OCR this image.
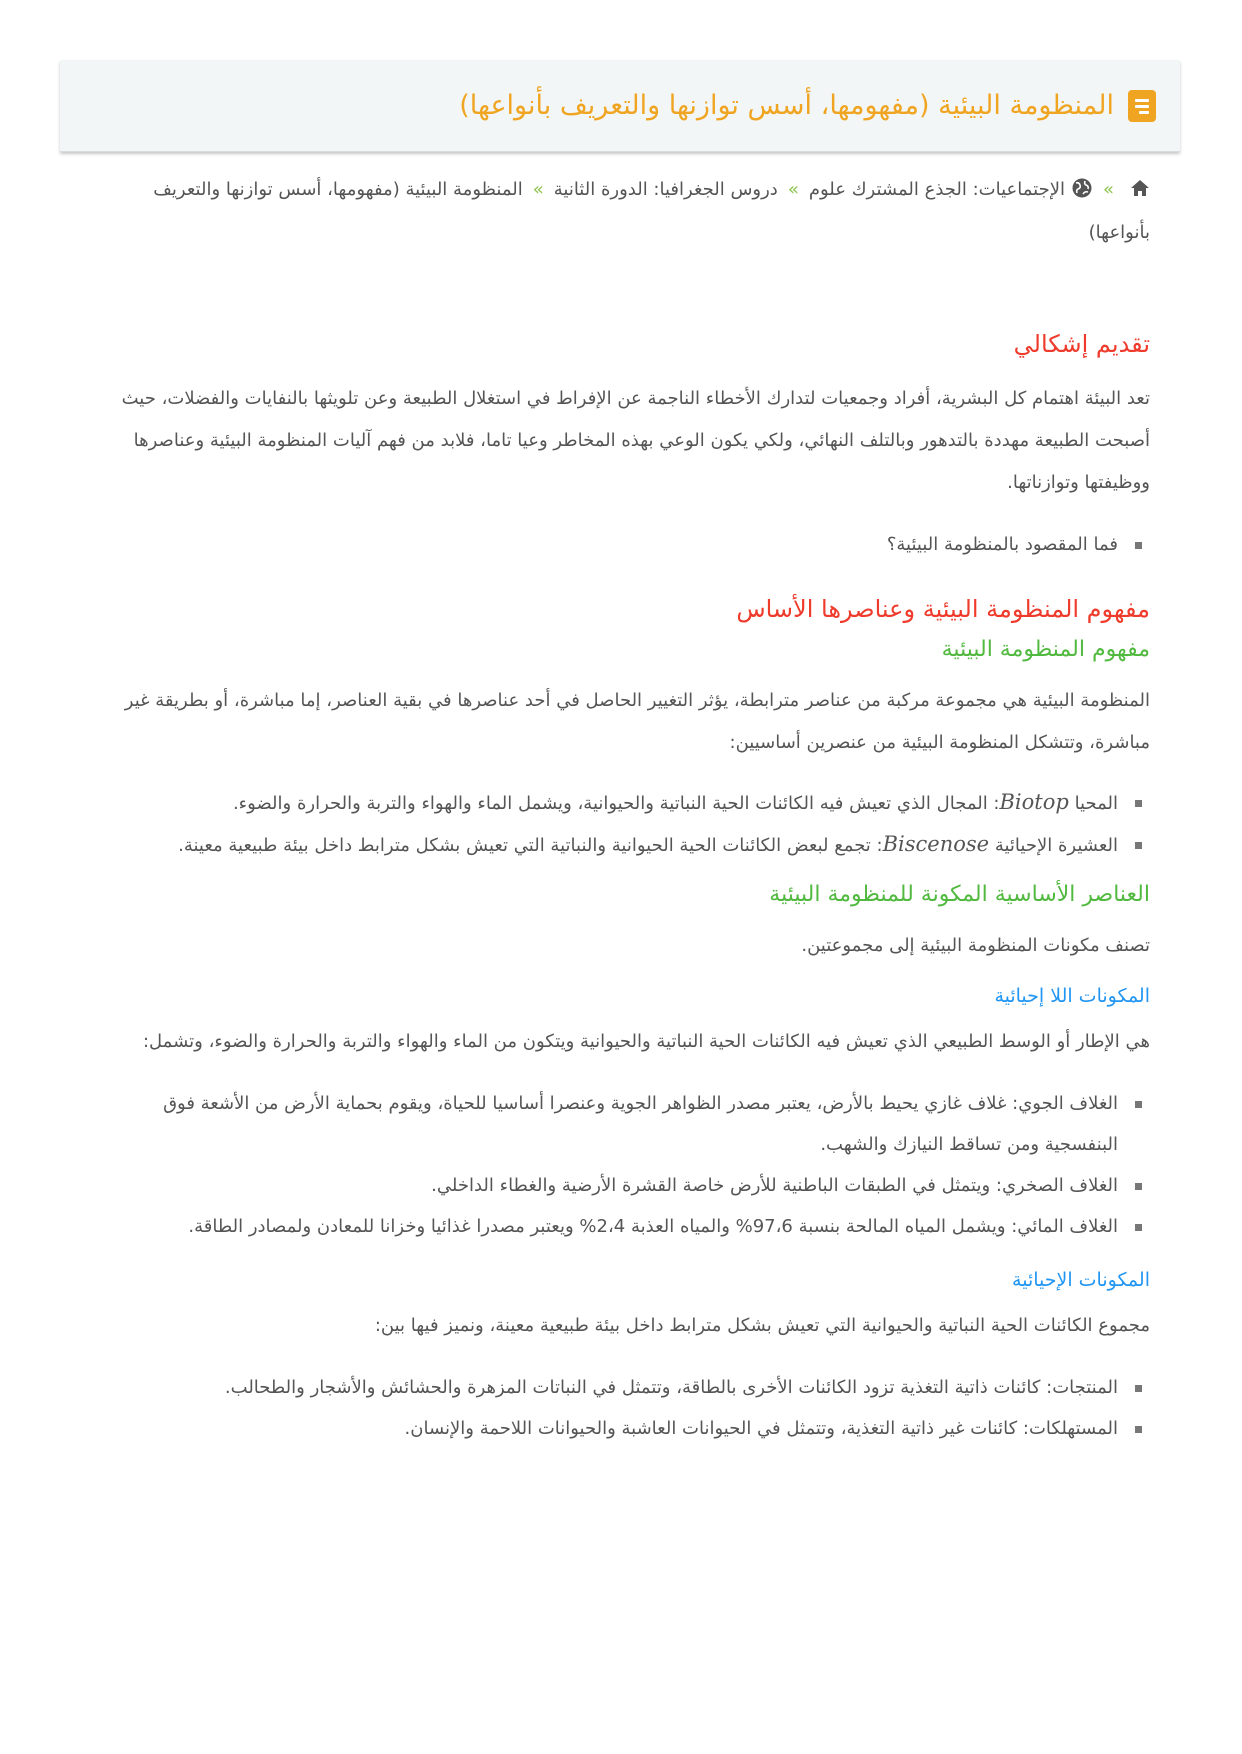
المنظومة البيئية (مفهومها، أسس توازنها والتعريف بأنواعها)
»الإجتماعيات: الجذع المشترك علوم»دروس الجغرافيا: الدورة الثانية»المنظومة البيئية (مفهومها، أسس توازنها والتعريف بأنواعها)
تقديم إشكالي

تعد البيئة اهتمام كل البشرية، أفراد وجمعيات لتدارك الأخطاء الناجمة عن الإفراط في استغلال الطبيعة وعن تلويثها بالنفايات والفضلات، حيث أصبحت الطبيعة مهددة بالتدهور وبالتلف النهائي، ولكي يكون الوعي بهذه المخاطر وعيا تاما، فلابد من فهم آليات المنظومة البيئية وعناصرها ووظيفتها وتوازناتها.

فما المقصود بالمنظومة البيئية؟
مفهوم المنظومة البيئية وعناصرها الأساس
مفهوم المنظومة البيئية

المنظومة البيئية هي مجموعة مركبة من عناصر مترابطة، يؤثر التغيير الحاصل في أحد عناصرها في بقية العناصر، إما مباشرة، أو بطريقة غير مباشرة، وتتشكل المنظومة البيئية من عنصرين أساسيين:

المحيا Biotop: المجال الذي تعيش فيه الكائنات الحية النباتية والحيوانية، ويشمل الماء والهواء والتربة والحرارة والضوء.
العشيرة الإحيائية Biscenose: تجمع لبعض الكائنات الحية الحيوانية والنباتية التي تعيش بشكل مترابط داخل بيئة طبيعية معينة.
العناصر الأساسية المكونة للمنظومة البيئية

تصنف مكونات المنظومة البيئية إلى مجموعتين.

المكونات اللا إحيائية

هي الإطار أو الوسط الطبيعي الذي تعيش فيه الكائنات الحية النباتية والحيوانية ويتكون من الماء والهواء والتربة والحرارة والضوء، وتشمل:

الغلاف الجوي: غلاف غازي يحيط بالأرض، يعتبر مصدر الظواهر الجوية وعنصرا أساسيا للحياة، ويقوم بحماية الأرض من الأشعة فوق البنفسجية ومن تساقط النيازك والشهب.
الغلاف الصخري: ويتمثل في الطبقات الباطنية للأرض خاصة القشرة الأرضية والغطاء الداخلي.
الغلاف المائي: ويشمل المياه المالحة بنسبة 97،6% والمياه العذبة 2،4% ويعتبر مصدرا غذائيا وخزانا للمعادن ولمصادر الطاقة.
المكونات الإحيائية

مجموع الكائنات الحية النباتية والحيوانية التي تعيش بشكل مترابط داخل بيئة طبيعية معينة، ونميز فيها بين:

المنتجات: كائنات ذاتية التغذية تزود الكائنات الأخرى بالطاقة، وتتمثل في النباتات المزهرة والحشائش والأشجار والطحالب.
المستهلكات: كائنات غير ذاتية التغذية، وتتمثل في الحيوانات العاشبة والحيوانات اللاحمة والإنسان.
